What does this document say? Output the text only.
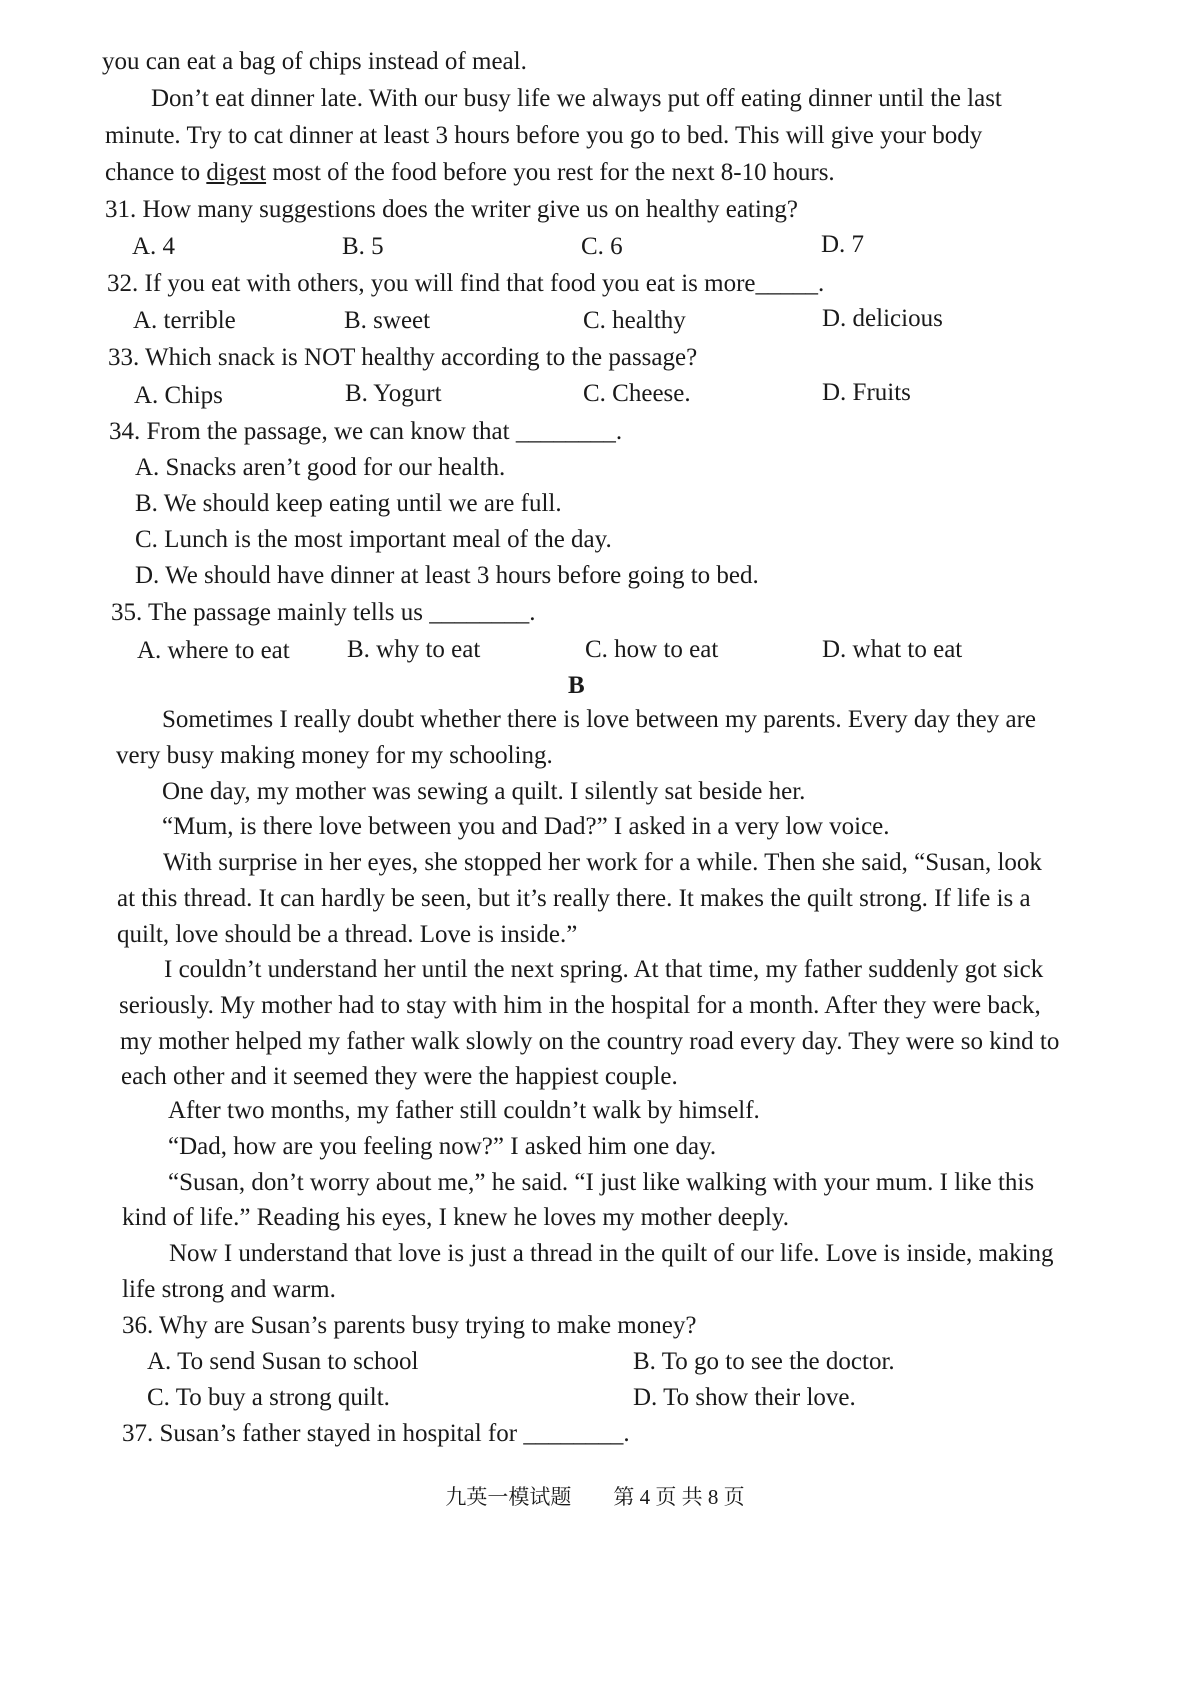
you can eat a bag of chips instead of meal.
Don’t eat dinner late. With our busy life we always put off eating dinner until the last
minute. Try to cat dinner at least 3 hours before you go to bed. This will give your body
chance to digest most of the food before you rest for the next 8-10 hours.
31. How many suggestions does the writer give us on healthy eating?
A. 4	B. 5	C. 6	D. 7
32. If you eat with others, you will find that food you eat is more_____.
A. terrible	B. sweet	C. healthy	D. delicious
33. Which snack is NOT healthy according to the passage?
A. Chips	B. Yogurt	C. Cheese.	D. Fruits
34. From the passage, we can know that ________.
A. Snacks aren’t good for our health.
B. We should keep eating until we are full.
C. Lunch is the most important meal of the day.
D. We should have dinner at least 3 hours before going to bed.
35. The passage mainly tells us ________.
A. where to eat B. why to eat	C. how to eat	D. what to eat
B
Sometimes I really doubt whether there is love between my parents. Every day they are
very busy making money for my schooling.
One day, my mother was sewing a quilt. I silently sat beside her.
“Mum, is there love between you and Dad?” I asked in a very low voice.
With surprise in her eyes, she stopped her work for a while. Then she said, “Susan, look
at this thread. It can hardly be seen, but it’s really there. It makes the quilt strong. If life is a
quilt, love should be a thread. Love is inside.”
I couldn’t understand her until the next spring. At that time, my father suddenly got sick
seriously. My mother had to stay with him in the hospital for a month. After they were back,
my mother helped my father walk slowly on the country road every day. They were so kind to
each other and it seemed they were the happiest couple.
After two months, my father still couldn’t walk by himself.
“Dad, how are you feeling now?” I asked him one day.
“Susan, don’t worry about me,” he said. “I just like walking with your mum. I like this
kind of life.” Reading his eyes, I knew he loves my mother deeply.
Now I understand that love is just a thread in the quilt of our life. Love is inside, making
life strong and warm.
36. Why are Susan’s parents busy trying to make money?
A. To send Susan to school	B. To go to see the doctor.
C. To buy a strong quilt.	D. To show their love.
37. Susan’s father stayed in hospital for ________.
九英一模试题　　第 4 页 共 8 页
